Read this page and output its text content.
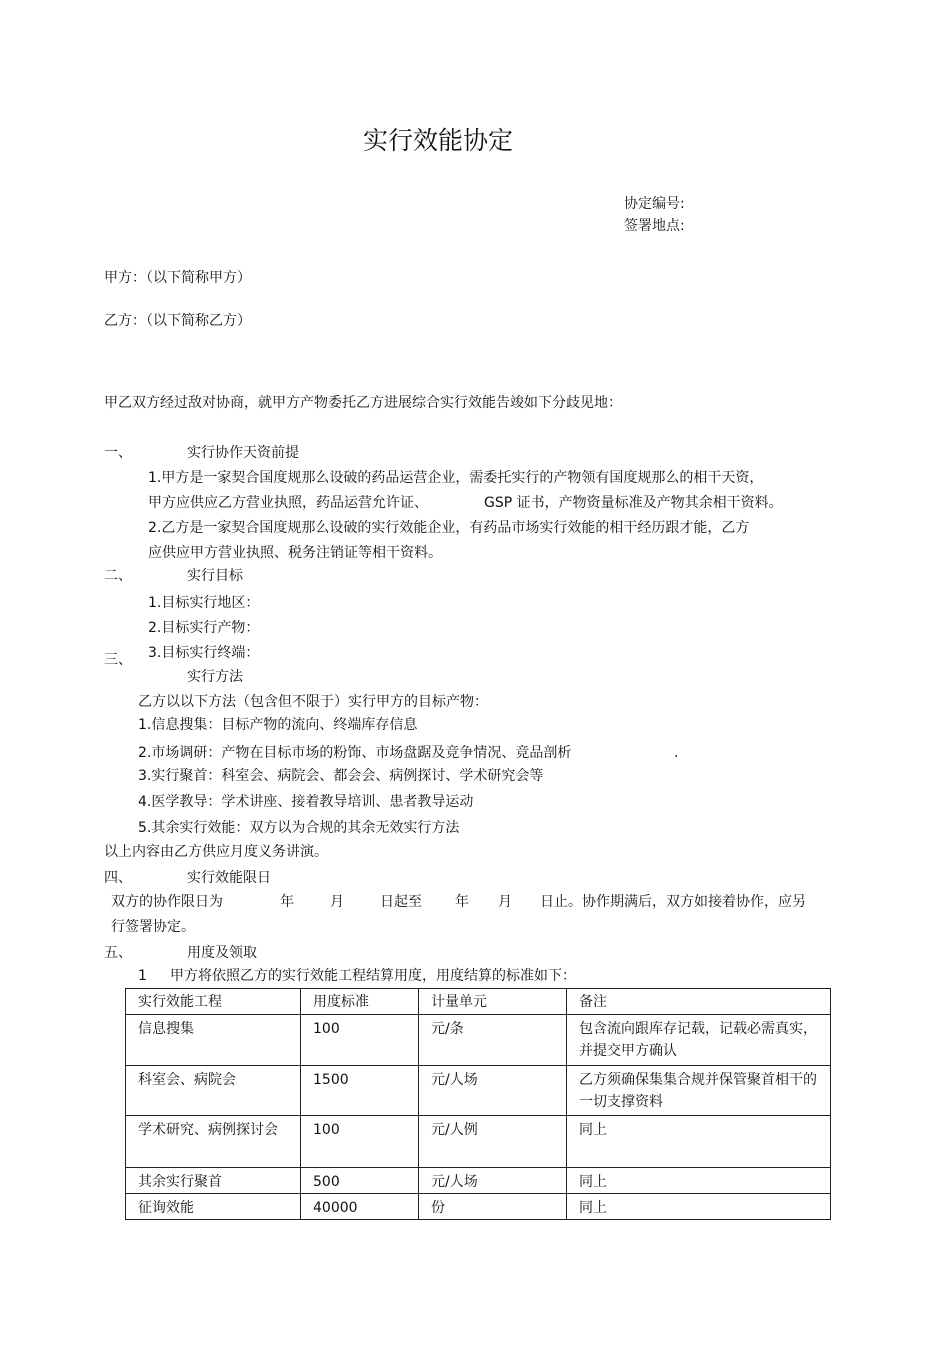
实行效能协定
协定编号:
签署地点:
甲方：（以下简称甲方）
乙方：（以下简称乙方）
甲乙双方经过敌对协商，就甲方产物委托乙方进展综合实行效能告竣如下分歧见地：
一、	实行协作天资前提
1.甲方是一家契合国度规那么设破的药品运营企业，需委托实行的产物领有国度规那么的相干天资，
甲方应供应乙方营业执照，药品运营允许证、	GSP 证书，产物资量标准及产物其余相干资料。
2.乙方是一家契合国度规那么设破的实行效能企业，有药品市场实行效能的相干经历跟才能，乙方
应供应甲方营业执照、税务注销证等相干资料。
二、	实行目标
1.目标实行地区：
2.目标实行产物：
3.目标实行终端：
三、
实行方法
乙方以以下方法（包含但不限于）实行甲方的目标产物：
1.信息搜集：目标产物的流向、终端库存信息
2.市场调研：产物在目标市场的粉饰、市场盘踞及竞争情况、竞品剖析	.
3.实行聚首：科室会、病院会、都会会、病例探讨、学术研究会等
4.医学教导：学术讲座、接着教导培训、患者教导运动
5.其余实行效能：双方以为合规的其余无效实行方法
以上内容由乙方供应月度义务讲演。
四、	实行效能限日
双方的协作限日为	年	月	日起至 年 月 日止。协作期满后，双方如接着协作，应另
行签署协定。
五、	用度及领取
1 甲方将依照乙方的实行效能工程结算用度，用度结算的标准如下：
实行效能工程	用度标准	计量单元	备注
信息搜集	100	元/条	包含流向跟库存记载，记载必需真实，并提交甲方确认
科室会、病院会	1500	元/人场	乙方须确保集集合规并保管聚首相干的一切支撑资料
学术研究、病例探讨会	100	元/人例	同上
其余实行聚首	500	元/人场	同上
征询效能	40000	份	同上
